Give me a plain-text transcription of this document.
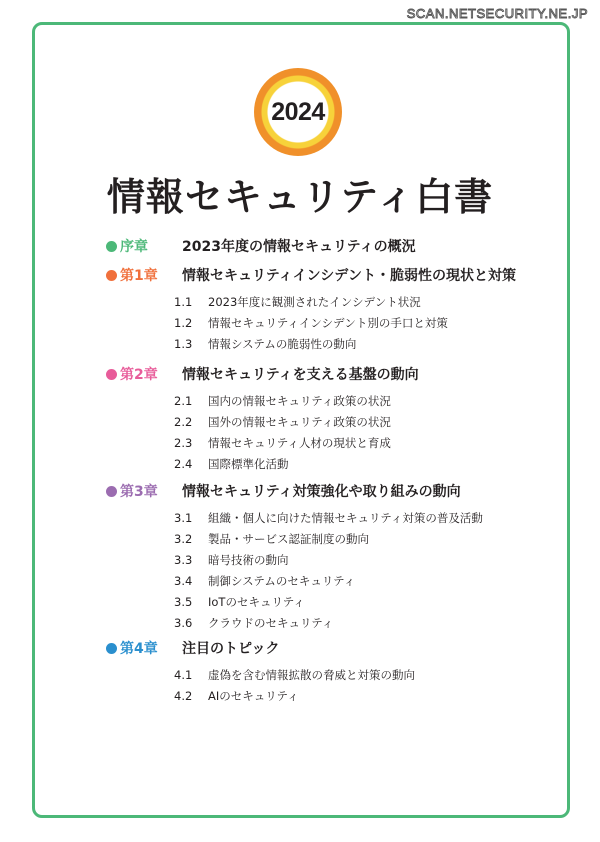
SCAN.NETSECURITY.NE.JP
2024
情報セキュリティ白書
序章 2023年度の情報セキュリティの概況
第1章 情報セキュリティインシデント・脆弱性の現状と対策
1.1 2023年度に観測されたインシデント状況
1.2 情報セキュリティインシデント別の手口と対策
1.3 情報システムの脆弱性の動向
第2章 情報セキュリティを支える基盤の動向
2.1 国内の情報セキュリティ政策の状況
2.2 国外の情報セキュリティ政策の状況
2.3 情報セキュリティ人材の現状と育成
2.4 国際標準化活動
第3章 情報セキュリティ対策強化や取り組みの動向
3.1 組織・個人に向けた情報セキュリティ対策の普及活動
3.2 製品・サービス認証制度の動向
3.3 暗号技術の動向
3.4 制御システムのセキュリティ
3.5 IoTのセキュリティ
3.6 クラウドのセキュリティ
第4章 注目のトピック
4.1 虚偽を含む情報拡散の脅威と対策の動向
4.2 AIのセキュリティ
